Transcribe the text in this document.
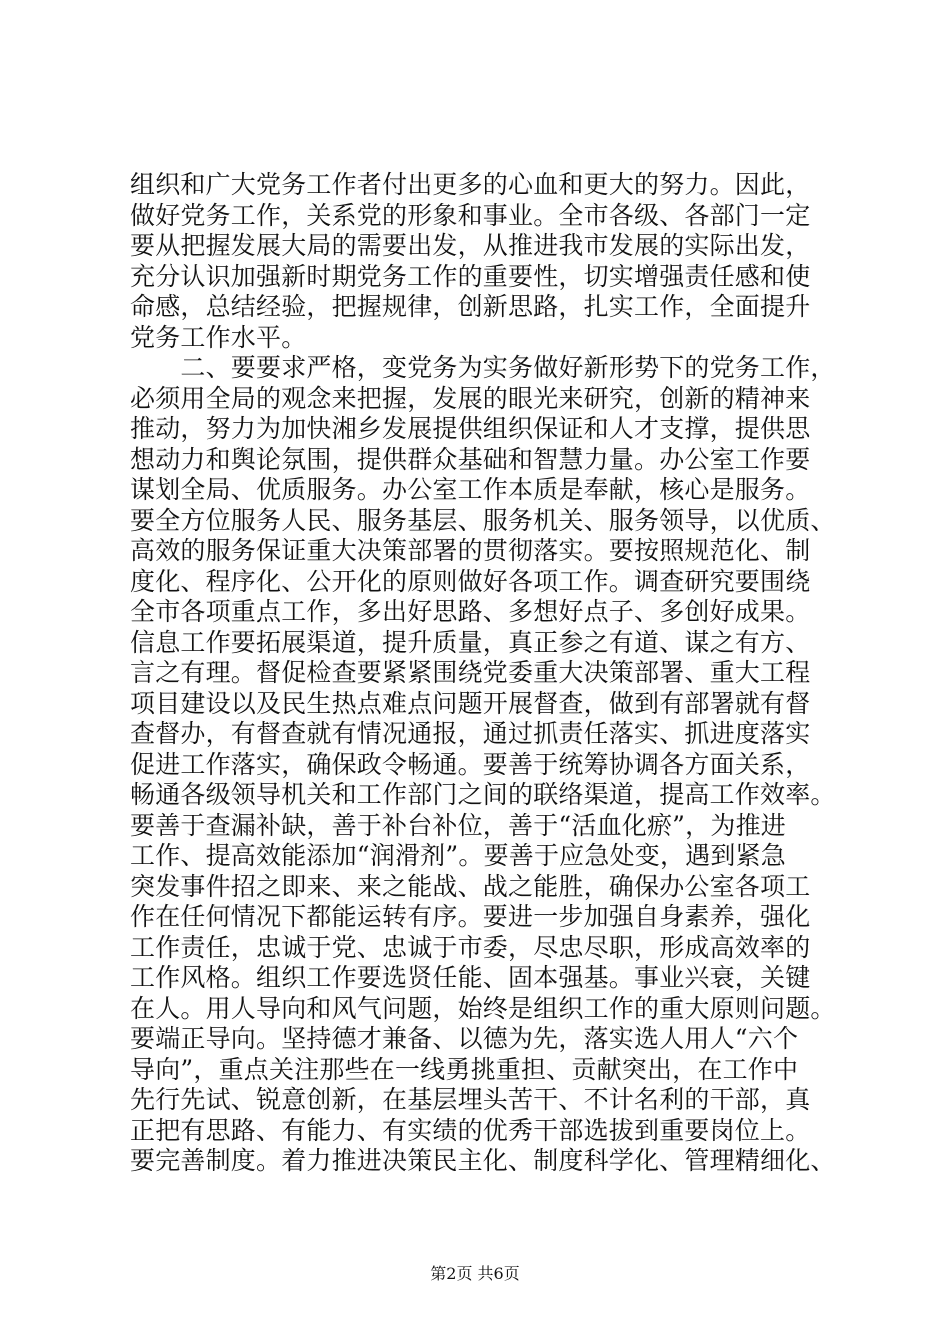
组织和广大党务工作者付出更多的心血和更大的努力。因此，
做好党务工作，关系党的形象和事业。全市各级、各部门一定
要从把握发展大局的需要出发，从推进我市发展的实际出发，
充分认识加强新时期党务工作的重要性，切实增强责任感和使
命感，总结经验，把握规律，创新思路，扎实工作，全面提升
党务工作水平。
　　二、要要求严格，变党务为实务做好新形势下的党务工作，
必须用全局的观念来把握，发展的眼光来研究，创新的精神来
推动，努力为加快湘乡发展提供组织保证和人才支撑，提供思
想动力和舆论氛围，提供群众基础和智慧力量。办公室工作要
谋划全局、优质服务。办公室工作本质是奉献，核心是服务。
要全方位服务人民、服务基层、服务机关、服务领导，以优质、
高效的服务保证重大决策部署的贯彻落实。要按照规范化、制
度化、程序化、公开化的原则做好各项工作。调查研究要围绕
全市各项重点工作，多出好思路、多想好点子、多创好成果。
信息工作要拓展渠道，提升质量，真正参之有道、谋之有方、
言之有理。督促检查要紧紧围绕党委重大决策部署、重大工程
项目建设以及民生热点难点问题开展督查，做到有部署就有督
查督办，有督查就有情况通报，通过抓责任落实、抓进度落实
促进工作落实，确保政令畅通。要善于统筹协调各方面关系，
畅通各级领导机关和工作部门之间的联络渠道，提高工作效率。
要善于查漏补缺，善于补台补位，善于“活血化瘀”，为推进
工作、提高效能添加“润滑剂”。要善于应急处变，遇到紧急
突发事件招之即来、来之能战、战之能胜，确保办公室各项工
作在任何情况下都能运转有序。要进一步加强自身素养，强化
工作责任，忠诚于党、忠诚于市委，尽忠尽职，形成高效率的
工作风格。组织工作要选贤任能、固本强基。事业兴衰，关键
在人。用人导向和风气问题，始终是组织工作的重大原则问题。
要端正导向。坚持德才兼备、以德为先，落实选人用人“六个
导向”，重点关注那些在一线勇挑重担、贡献突出，在工作中
先行先试、锐意创新，在基层埋头苦干、不计名利的干部，真
正把有思路、有能力、有实绩的优秀干部选拔到重要岗位上。
要完善制度。着力推进决策民主化、制度科学化、管理精细化、
第2页 共6页
